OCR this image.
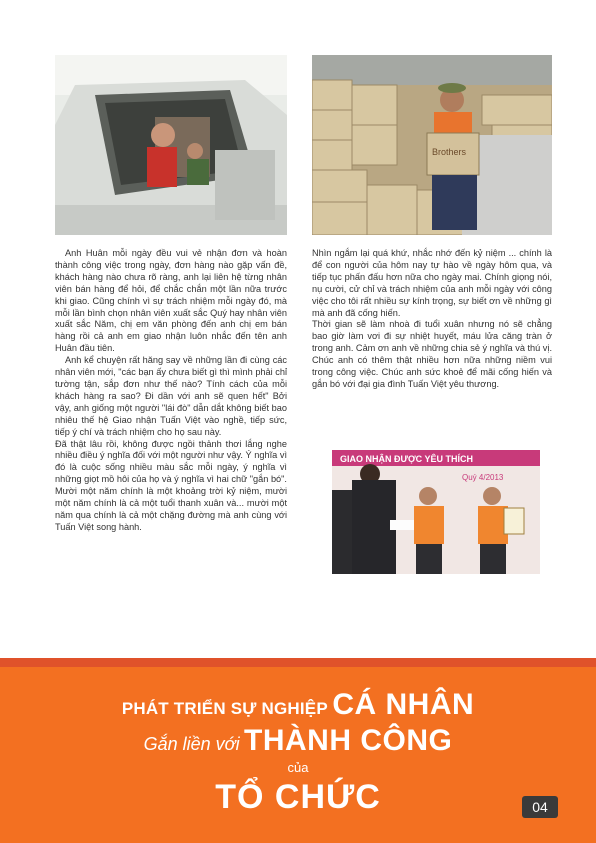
Brothers

Anh Huân mỗi ngày đều vui vẻ nhận đơn và hoàn thành công việc trong ngày, đơn hàng nào gặp vấn đề, khách hàng nào chưa rõ ràng, anh lại liên hệ từng nhân viên bán hàng để hỏi, để chắc chắn một lần nữa trước khi giao. Cũng chính vì sự trách nhiệm mỗi ngày đó, mà mỗi lần bình chọn nhân viên xuất sắc Quý hay nhân viên xuất sắc Năm, chị em văn phòng đến anh chị em bán hàng rồi cả anh em giao nhận luôn nhắc đến tên anh Huân đầu tiên.

Anh kể chuyện rất hăng say về những lần đi cùng các nhân viên mới, "các bạn ấy chưa biết gì thì mình phải chỉ tường tận, sắp đơn như thế nào? Tính cách của mỗi khách hàng ra sao? Đi dần với anh sẽ quen hết" Bởi vậy, anh giống một người "lái đò" dẫn dắt không biết bao nhiêu thế hệ Giao nhận Tuấn Việt vào nghề, tiếp sức, tiếp ý chí và trách nhiệm cho họ sau này.

Đã thật lâu rồi, không được ngồi thảnh thơi lắng nghe nhiều điều ý nghĩa đối với một người như vậy. Ý nghĩa vì đó là cuộc sống nhiều màu sắc mỗi ngày, ý nghĩa vì những giọt mồ hôi của họ và ý nghĩa vì hai chữ "gắn bó". Mười một năm chính là một khoảng trời kỷ niệm, mười một năm chính là cả một tuổi thanh xuân và... mười một năm qua chính là cả một chặng đường mà anh cùng với Tuấn Việt song hành.

Nhìn ngắm lại quá khứ, nhắc nhớ đến kỷ niệm ... chính là để con người của hôm nay tự hào về ngày hôm qua, và tiếp tục phấn đấu hơn nữa cho ngày mai. Chính giọng nói, nụ cười, cử chỉ và trách nhiệm của anh mỗi ngày với công việc cho tôi rất nhiều sự kính trọng, sự biết ơn về những gì mà anh đã cống hiến.

Thời gian sẽ làm nhoà đi tuổi xuân nhưng nó sẽ chẳng bao giờ làm vơi đi sự nhiệt huyết, máu lửa căng tràn ở trong anh. Cảm ơn anh về những chia sẻ ý nghĩa và thú vị. Chúc anh có thêm thật nhiều hơn nữa những niềm vui trong công việc. Chúc anh sức khoẻ để mãi cống hiến và gắn bó với đại gia đình Tuấn Việt yêu thương.

GIAO NHẬN ĐƯỢC YÊU THÍCH
Quý 4/2013
PHÁT TRIỂN SỰ NGHIỆP CÁ NHÂN
Gắn liền với THÀNH CÔNG
của
TỔ CHỨC	04
